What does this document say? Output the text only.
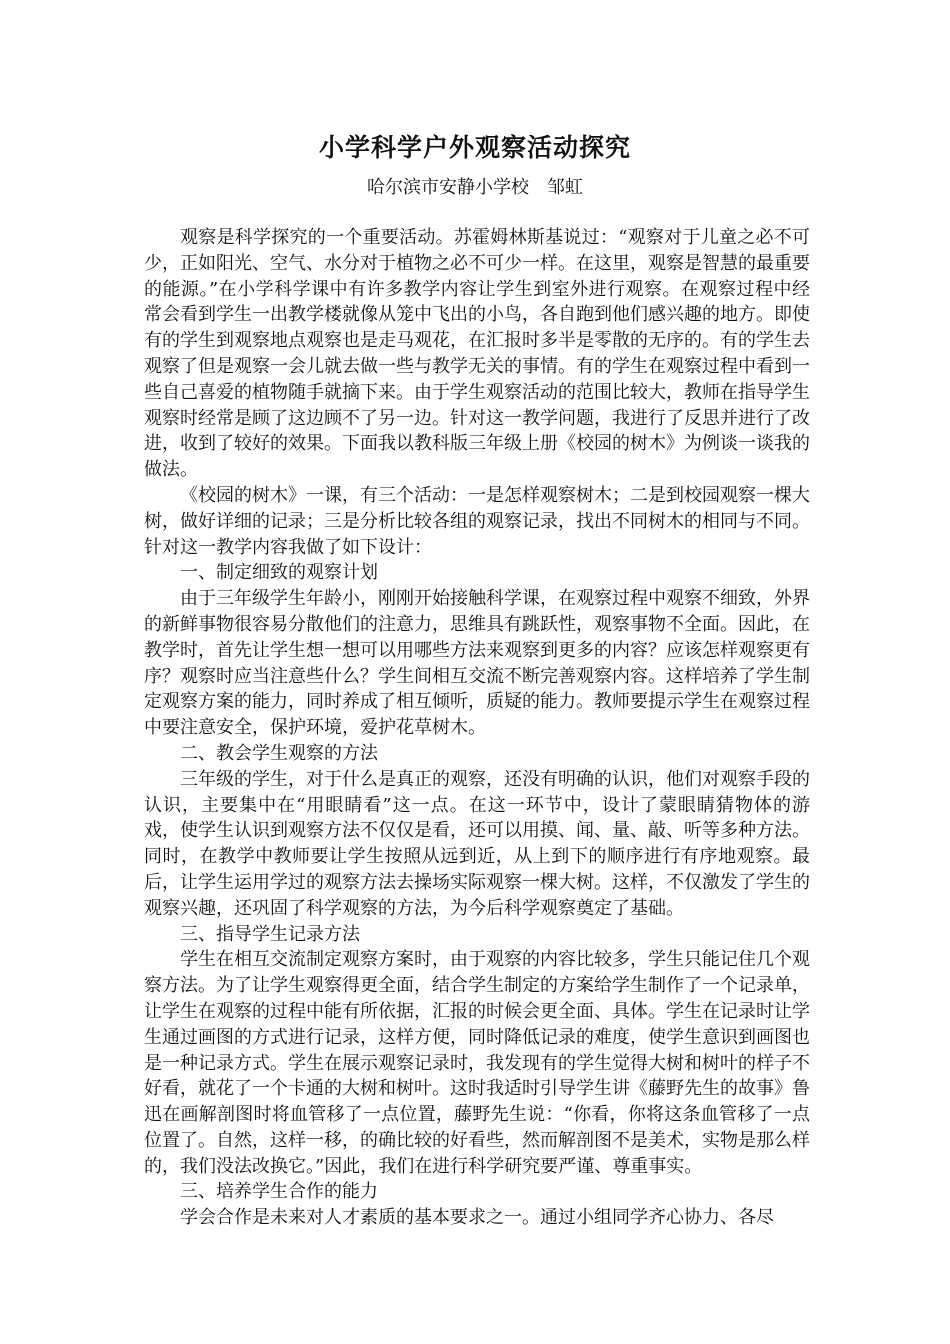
小学科学户外观察活动探究

哈尔滨市安静小学校　邹虹

观察是科学探究的一个重要活动。苏霍姆林斯基说过：“观察对于儿童之必不可少，正如阳光、空气、水分对于植物之必不可少一样。在这里，观察是智慧的最重要的能源。”在小学科学课中有许多教学内容让学生到室外进行观察。在观察过程中经常会看到学生一出教学楼就像从笼中飞出的小鸟，各自跑到他们感兴趣的地方。即使有的学生到观察地点观察也是走马观花，在汇报时多半是零散的无序的。有的学生去观察了但是观察一会儿就去做一些与教学无关的事情。有的学生在观察过程中看到一些自己喜爱的植物随手就摘下来。由于学生观察活动的范围比较大，教师在指导学生观察时经常是顾了这边顾不了另一边。针对这一教学问题，我进行了反思并进行了改进，收到了较好的效果。下面我以教科版三年级上册《校园的树木》为例谈一谈我的做法。

《校园的树木》一课，有三个活动：一是怎样观察树木；二是到校园观察一棵大树，做好详细的记录；三是分析比较各组的观察记录，找出不同树木的相同与不同。针对这一教学内容我做了如下设计：

一、制定细致的观察计划

由于三年级学生年龄小，刚刚开始接触科学课，在观察过程中观察不细致，外界的新鲜事物很容易分散他们的注意力，思维具有跳跃性，观察事物不全面。因此，在教学时，首先让学生想一想可以用哪些方法来观察到更多的内容？应该怎样观察更有序？观察时应当注意些什么？学生间相互交流不断完善观察内容。这样培养了学生制定观察方案的能力，同时养成了相互倾听，质疑的能力。教师要提示学生在观察过程中要注意安全，保护环境，爱护花草树木。

二、教会学生观察的方法

三年级的学生，对于什么是真正的观察，还没有明确的认识，他们对观察手段的认识，主要集中在“用眼睛看”这一点。在这一环节中，设计了蒙眼睛猜物体的游戏，使学生认识到观察方法不仅仅是看，还可以用摸、闻、量、敲、听等多种方法。同时，在教学中教师要让学生按照从远到近，从上到下的顺序进行有序地观察。最后，让学生运用学过的观察方法去操场实际观察一棵大树。这样，不仅激发了学生的观察兴趣，还巩固了科学观察的方法，为今后科学观察奠定了基础。

三、指导学生记录方法

学生在相互交流制定观察方案时，由于观察的内容比较多，学生只能记住几个观察方法。为了让学生观察得更全面，结合学生制定的方案给学生制作了一个记录单，让学生在观察的过程中能有所依据，汇报的时候会更全面、具体。学生在记录时让学生通过画图的方式进行记录，这样方便，同时降低记录的难度，使学生意识到画图也是一种记录方式。学生在展示观察记录时，我发现有的学生觉得大树和树叶的样子不好看，就花了一个卡通的大树和树叶。这时我适时引导学生讲《藤野先生的故事》鲁迅在画解剖图时将血管移了一点位置，藤野先生说：“你看，你将这条血管移了一点位置了。自然，这样一移，的确比较的好看些，然而解剖图不是美术，实物是那么样的，我们没法改换它。”因此，我们在进行科学研究要严谨、尊重事实。

三、培养学生合作的能力

学会合作是未来对人才素质的基本要求之一。通过小组同学齐心协力、各尽
